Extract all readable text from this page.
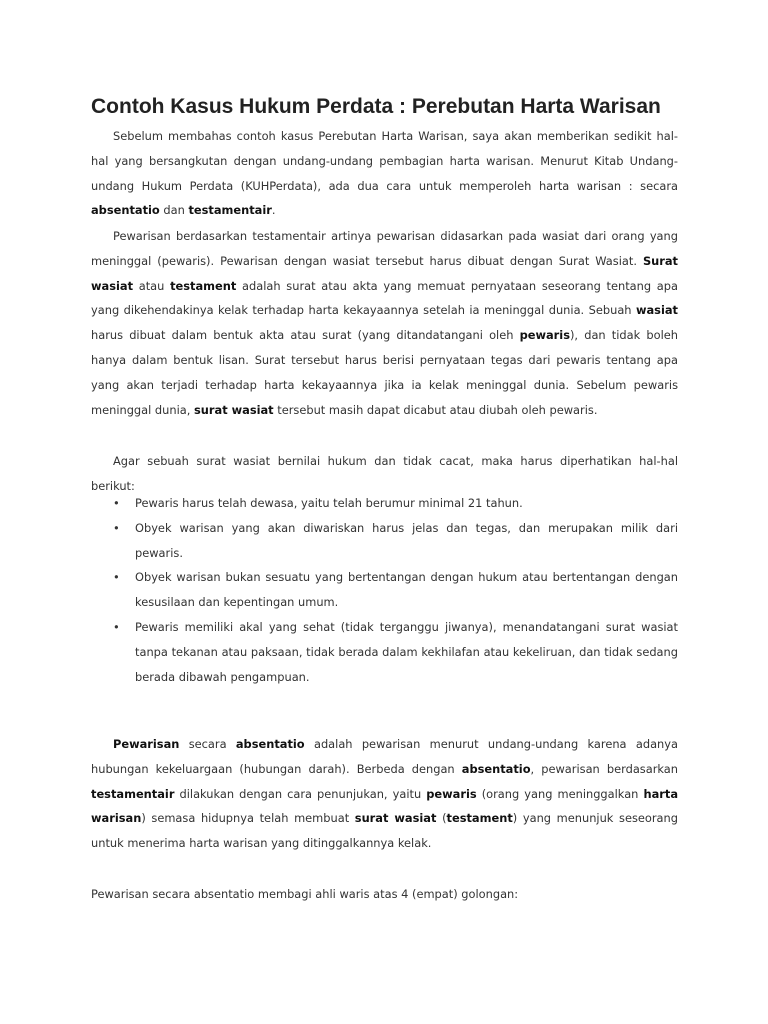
Contoh Kasus Hukum Perdata : Perebutan Harta Warisan

Sebelum membahas contoh kasus Perebutan Harta Warisan, saya akan memberikan sedikit hal-hal yang bersangkutan dengan undang-undang pembagian harta warisan. Menurut Kitab Undang-undang Hukum Perdata (KUHPerdata), ada dua cara untuk memperoleh harta warisan : secara absentatio dan testamentair.

Pewarisan berdasarkan testamentair artinya pewarisan didasarkan pada wasiat dari orang yang meninggal (pewaris). Pewarisan dengan wasiat tersebut harus dibuat dengan Surat Wasiat. Surat wasiat atau testament adalah surat atau akta yang memuat pernyataan seseorang tentang apa yang dikehendakinya kelak terhadap harta kekayaannya setelah ia meninggal dunia. Sebuah wasiat harus dibuat dalam bentuk akta atau surat (yang ditandatangani oleh pewaris), dan tidak boleh hanya dalam bentuk lisan. Surat tersebut harus berisi pernyataan tegas dari pewaris tentang apa yang akan terjadi terhadap harta kekayaannya jika ia kelak meninggal dunia. Sebelum pewaris meninggal dunia, surat wasiat tersebut masih dapat dicabut atau diubah oleh pewaris.

Agar sebuah surat wasiat bernilai hukum dan tidak cacat, maka harus diperhatikan hal-hal berikut:

•	Pewaris harus telah dewasa, yaitu telah berumur minimal 21 tahun.
•	Obyek warisan yang akan diwariskan harus jelas dan tegas, dan merupakan milik dari pewaris.
•	Obyek warisan bukan sesuatu yang bertentangan dengan hukum atau bertentangan dengan kesusilaan dan kepentingan umum.
•	Pewaris memiliki akal yang sehat (tidak terganggu jiwanya), menandatangani surat wasiat tanpa tekanan atau paksaan, tidak berada dalam kekhilafan atau kekeliruan, dan tidak sedang berada dibawah pengampuan.

Pewarisan secara absentatio adalah pewarisan menurut undang-undang karena adanya hubungan kekeluargaan (hubungan darah). Berbeda dengan absentatio, pewarisan berdasarkan testamentair dilakukan dengan cara penunjukan, yaitu pewaris (orang yang meninggalkan harta warisan) semasa hidupnya telah membuat surat wasiat (testament) yang menunjuk seseorang untuk menerima harta warisan yang ditinggalkannya kelak.

Pewarisan secara absentatio membagi ahli waris atas 4 (empat) golongan:
